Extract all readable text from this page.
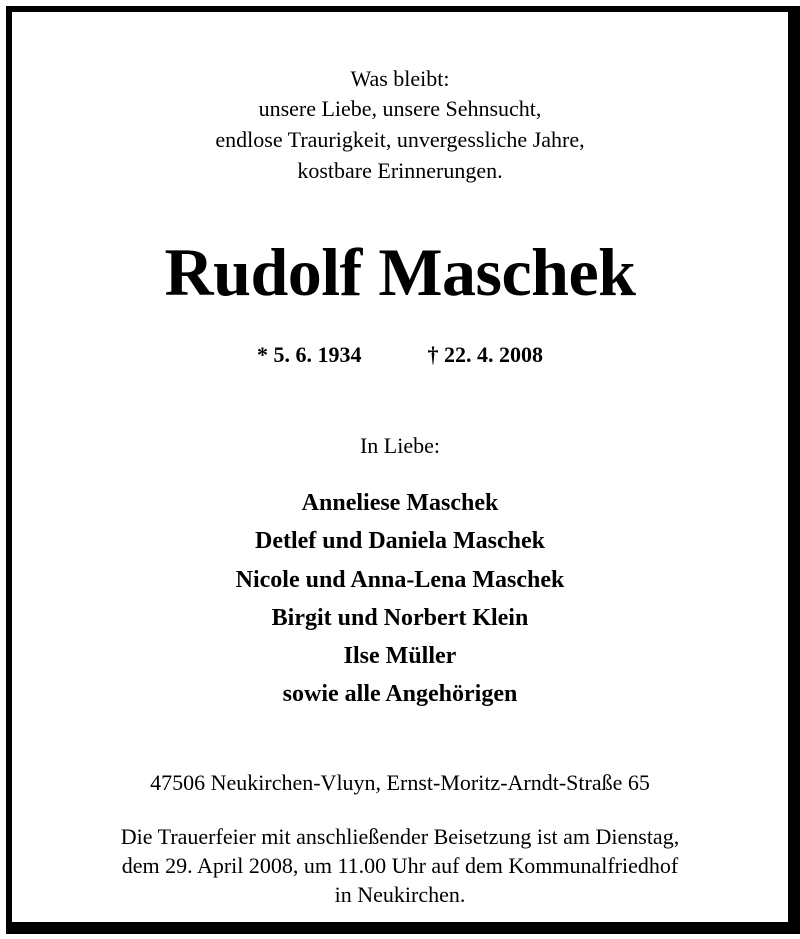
Was bleibt:
unsere Liebe, unsere Sehnsucht,
endlose Traurigkeit, unvergessliche Jahre,
kostbare Erinnerungen.
Rudolf Maschek
* 5. 6. 1934	† 22. 4. 2008
In Liebe:
Anneliese Maschek
Detlef und Daniela Maschek
Nicole und Anna-Lena Maschek
Birgit und Norbert Klein
Ilse Müller
sowie alle Angehörigen
47506 Neukirchen-Vluyn, Ernst-Moritz-Arndt-Straße 65
Die Trauerfeier mit anschließender Beisetzung ist am Dienstag,
dem 29. April 2008, um 11.00 Uhr auf dem Kommunalfriedhof
in Neukirchen.
